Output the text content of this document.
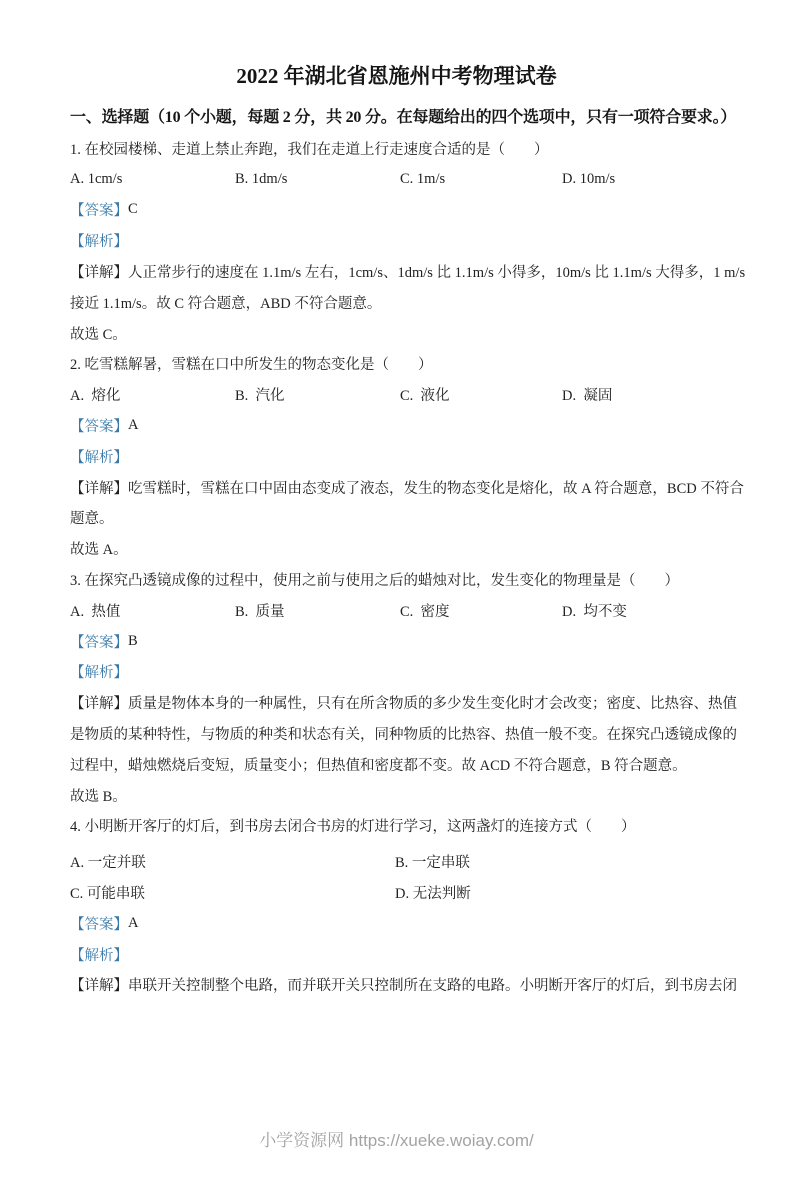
2022 年湖北省恩施州中考物理试卷
一、选择题（10 个小题，每题 2 分，共 20 分。在每题给出的四个选项中，只有一项符合要求。）
1. 在校园楼梯、走道上禁止奔跑，我们在走道上行走速度合适的是（　　）
A. 1cm/s	B. 1dm/s	C. 1m/s	D. 10m/s
【答案】 C
【解析】
【详解】人正常步行的速度在 1.1m/s 左右，1cm/s、1dm/s 比 1.1m/s 小得多，10m/s 比 1.1m/s 大得多，1 m/s
接近 1.1m/s。故 C 符合题意，ABD 不符合题意。
故选 C。
2. 吃雪糕解暑，雪糕在口中所发生的物态变化是（　　）
A.  熔化	B.  汽化	C.  液化	D.  凝固
【答案】 A
【解析】
【详解】吃雪糕时，雪糕在口中固由态变成了液态，发生的物态变化是熔化，故 A 符合题意，BCD 不符合
题意。
故选 A。
3. 在探究凸透镜成像的过程中，使用之前与使用之后的蜡烛对比，发生变化的物理量是（　　）
A.  热值	B.  质量	C.  密度	D.  均不变
【答案】 B
【解析】
【详解】质量是物体本身的一种属性，只有在所含物质的多少发生变化时才会改变；密度、比热容、热值
是物质的某种特性，与物质的种类和状态有关，同种物质的比热容、热值一般不变。在探究凸透镜成像的
过程中，蜡烛燃烧后变短，质量变小；但热值和密度都不变。故 ACD 不符合题意，B 符合题意。
故选 B。
4. 小明断开客厅的灯后，到书房去闭合书房的灯进行学习，这两盏灯的连接方式（　　）
A. 一定并联	B. 一定串联
C. 可能串联	D. 无法判断
【答案】 A
【解析】
【详解】串联开关控制整个电路，而并联开关只控制所在支路的电路。小明断开客厅的灯后，到书房去闭
小学资源网 https://xueke.woiay.com/
